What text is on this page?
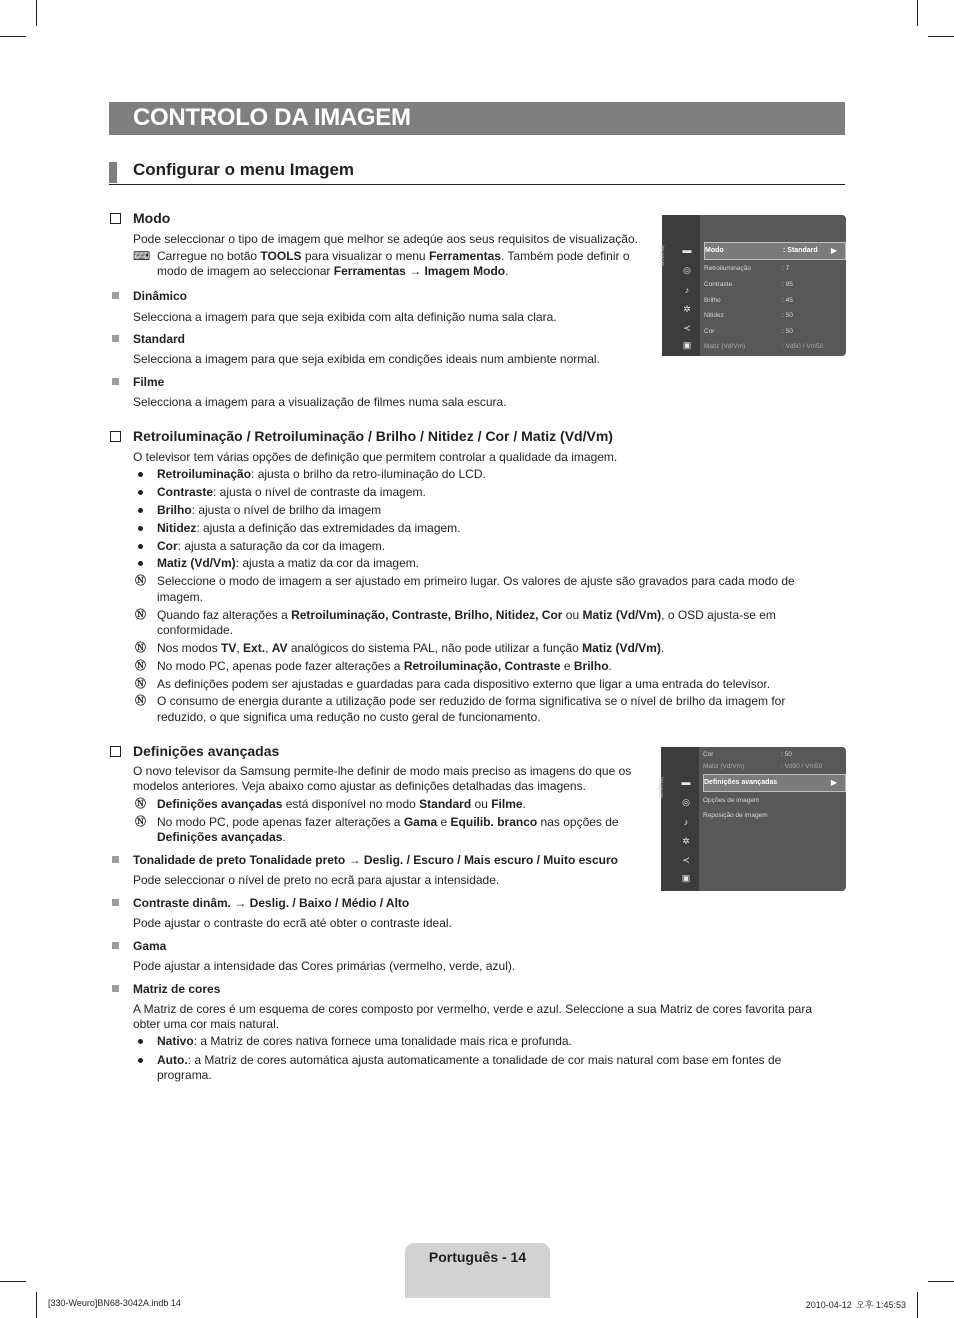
CONTROLO DA IMAGEM
Configurar o menu Imagem
Modo
Pode seleccionar o tipo de imagem que melhor se adeqúe aos seus requisitos de visualização.
⌨ Carregue no botão TOOLS para visualizar o menu Ferramentas. Também pode definir o
modo de imagem ao seleccionar Ferramentas → Imagem Modo.
Dinâmico
Selecciona a imagem para que seja exibida com alta definição numa sala clara.
Standard
Selecciona a imagem para que seja exibida em condições ideais num ambiente normal.
Filme
Selecciona a imagem para a visualização de filmes numa sala escura.
Imagem ▬
◎
♪
✲
≺
▣
Modo	: Standard ▶
Retroiluminação	: 7
Contraste	: 95
Brilho	: 45
Nitidez	: 50
Cor	: 50
Matiz (Vd/Vm)	: Vd50 / Vm50
Retroiluminação / Retroiluminação / Brilho / Nitidez / Cor / Matiz (Vd/Vm)
O televisor tem várias opções de definição que permitem controlar a qualidade da imagem.
Retroiluminação: ajusta o brilho da retro-iluminação do LCD.
Contraste: ajusta o nível de contraste da imagem.
Brilho: ajusta o nível de brilho da imagem
Nitidez: ajusta a definição das extremidades da imagem.
Cor: ajusta a saturação da cor da imagem.
Matiz (Vd/Vm): ajusta a matiz da cor da imagem.
Ⓝ Seleccione o modo de imagem a ser ajustado em primeiro lugar. Os valores de ajuste são gravados para cada modo de
imagem.
Ⓝ Quando faz alterações a Retroiluminação, Contraste, Brilho, Nitidez, Cor ou Matiz (Vd/Vm), o OSD ajusta-se em
conformidade.
Ⓝ Nos modos TV, Ext., AV analógicos do sistema PAL, não pode utilizar a função Matiz (Vd/Vm).
Ⓝ No modo PC, apenas pode fazer alterações a Retroiluminação, Contraste e Brilho.
Ⓝ As definições podem ser ajustadas e guardadas para cada dispositivo externo que ligar a uma entrada do televisor.
Ⓝ O consumo de energia durante a utilização pode ser reduzido de forma significativa se o nível de brilho da imagem for
reduzido, o que significa uma redução no custo geral de funcionamento.
Definições avançadas
O novo televisor da Samsung permite-lhe definir de modo mais preciso as imagens do que os
modelos anteriores. Veja abaixo como ajustar as definições detalhadas das imagens.
Ⓝ Definições avançadas está disponível no modo Standard ou Filme.
Ⓝ No modo PC, pode apenas fazer alterações a Gama e Equilib. branco nas opções de
Definições avançadas.
Tonalidade de preto Tonalidade preto → Deslig. / Escuro / Mais escuro / Muito escuro
Pode seleccionar o nível de preto no ecrã para ajustar a intensidade.
Contraste dinâm. → Deslig. / Baixo / Médio / Alto
Pode ajustar o contraste do ecrã até obter o contraste ideal.
Gama
Pode ajustar a intensidade das Cores primárias (vermelho, verde, azul).
Matriz de cores
A Matriz de cores é um esquema de cores composto por vermelho, verde e azul. Seleccione a sua Matriz de cores favorita para
obter uma cor mais natural.
Nativo: a Matriz de cores nativa fornece uma tonalidade mais rica e profunda.
Auto.: a Matriz de cores automática ajusta automaticamente a tonalidade de cor mais natural com base em fontes de
programa.
Imagem ▬
◎
♪
✲
≺
▣
Cor	: 50
Matiz (Vd/Vm)	: Vd50 / Vm50
Definições avançadas	▶
Opções de imagem
Reposição de imagem
Português - 14
[330-Weuro]BN68-3042A.indb 14	2010-04-12  오후 1:45:53
